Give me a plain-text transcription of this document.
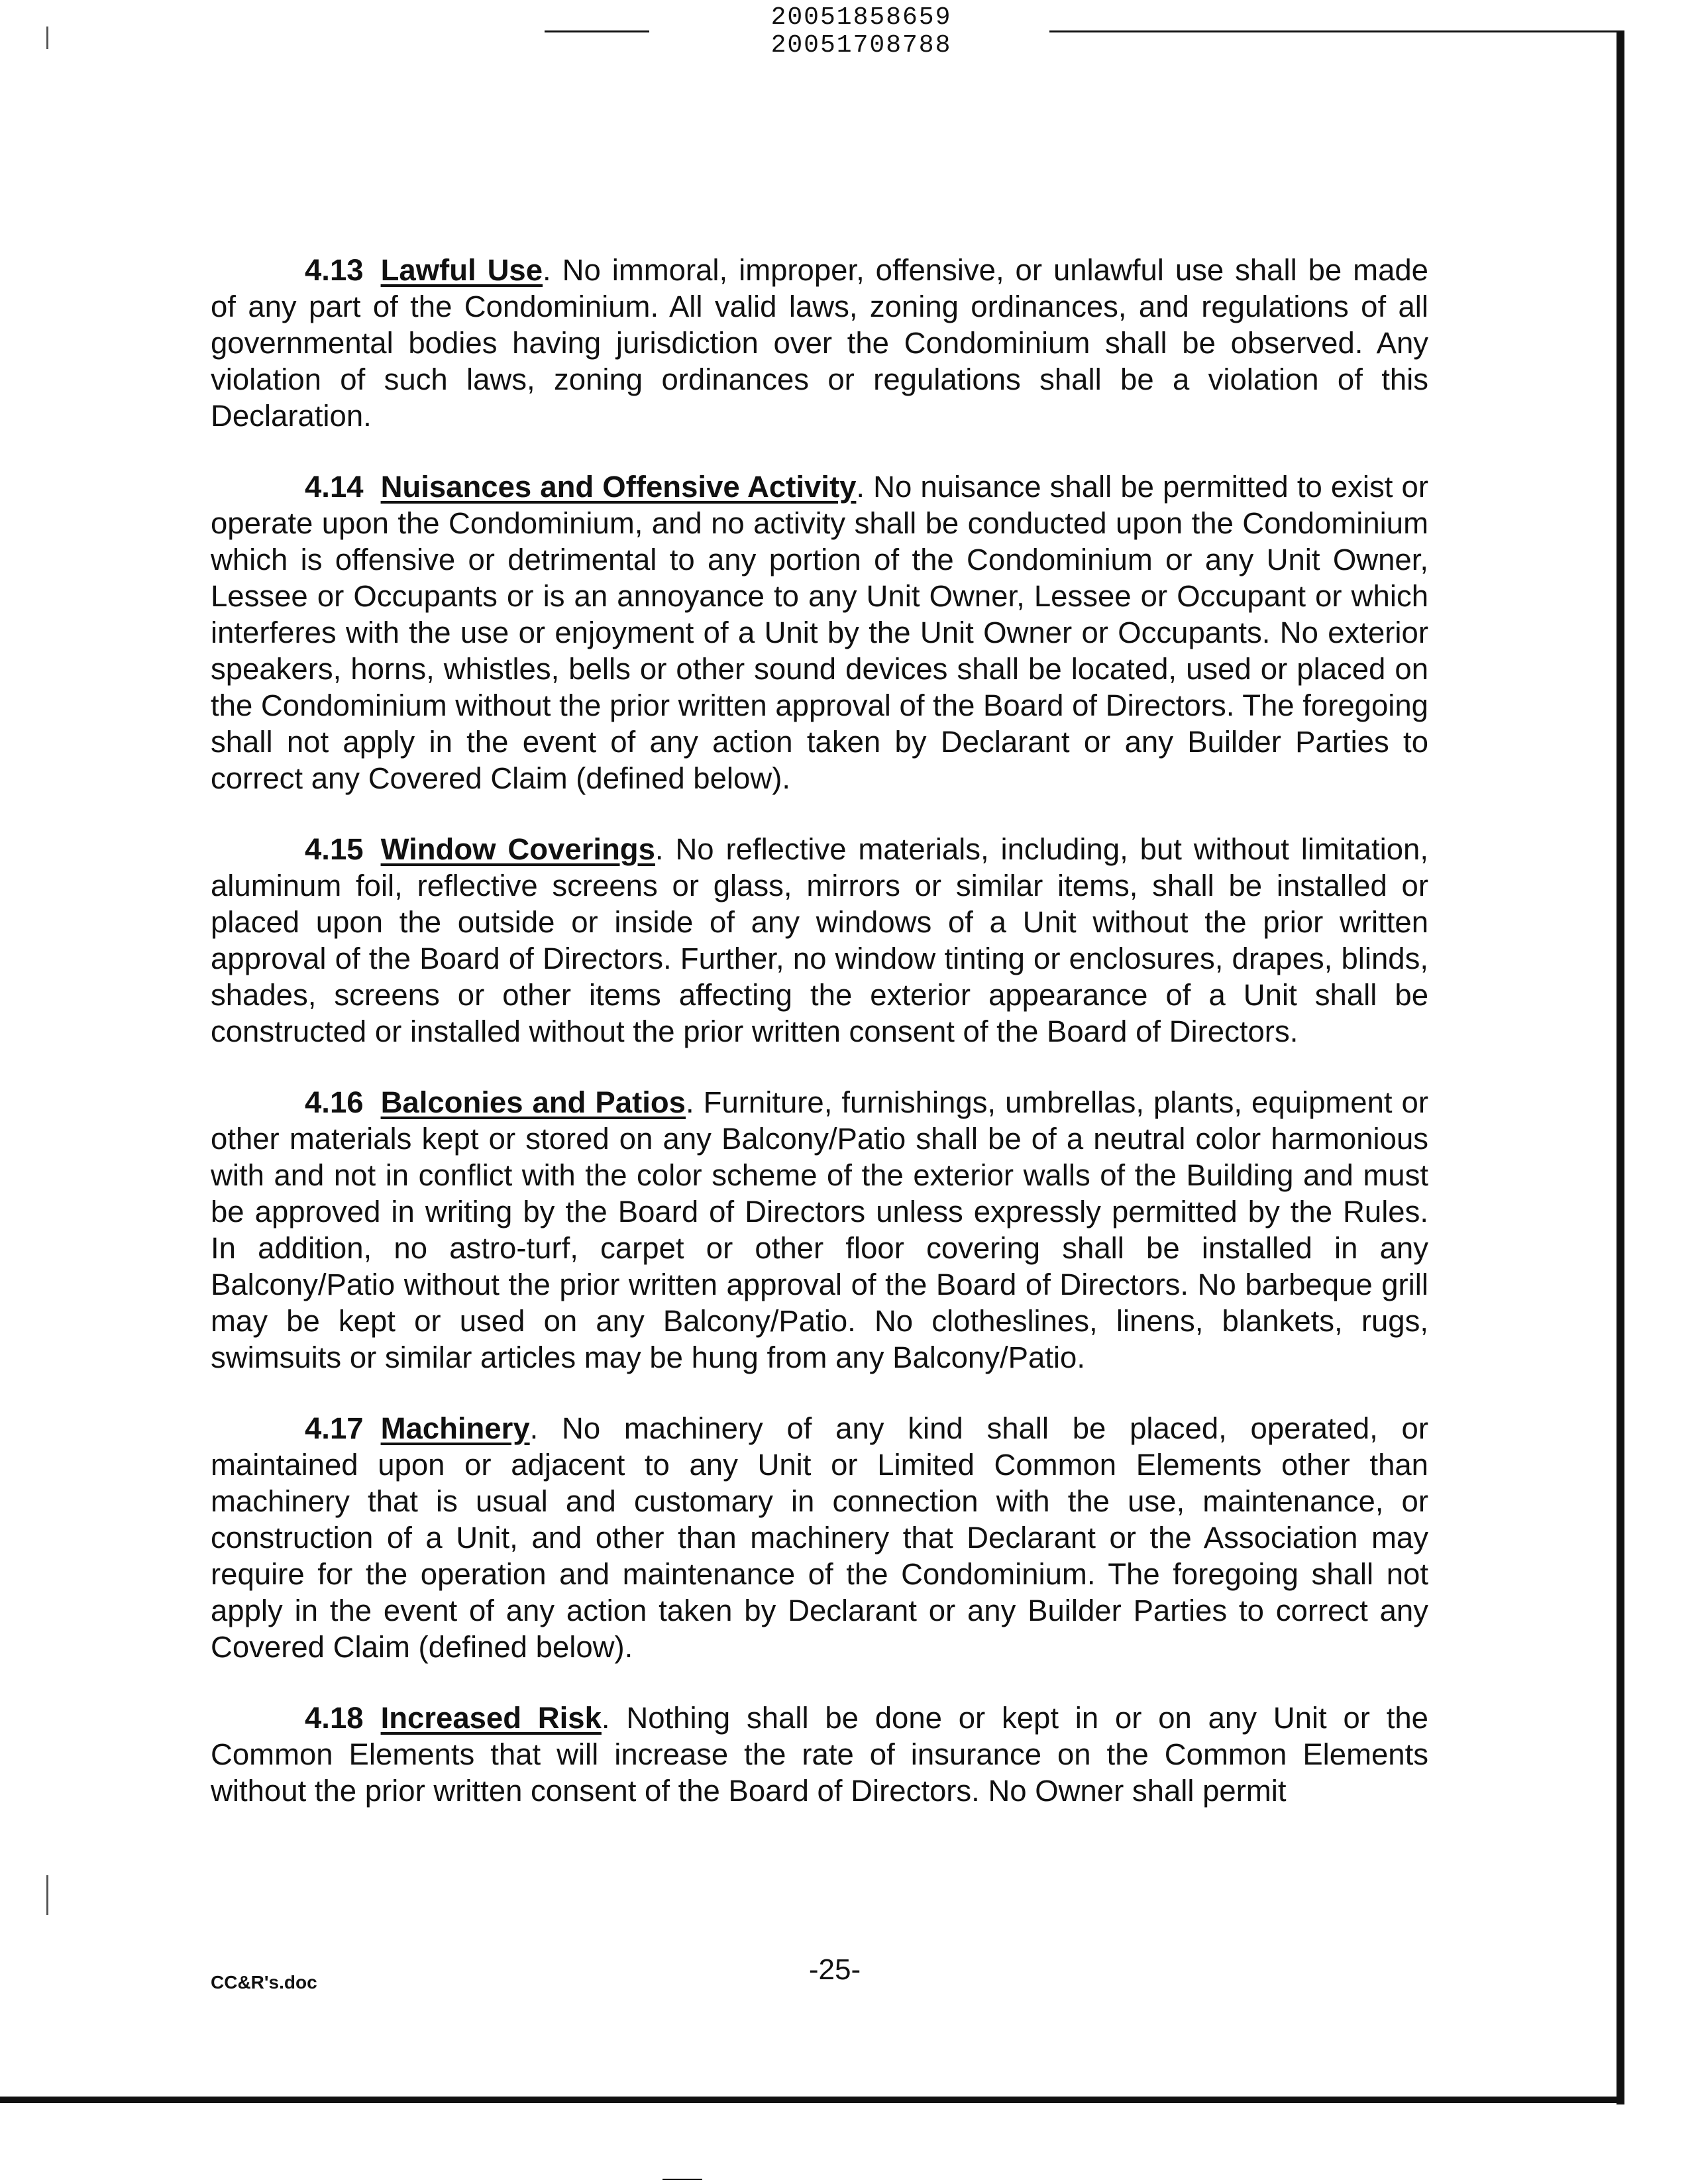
20051858659
20051708788

4.13 Lawful Use. No immoral, improper, offensive, or unlawful use shall be made of any part of the Condominium. All valid laws, zoning ordinances, and regulations of all governmental bodies having jurisdiction over the Condominium shall be observed. Any violation of such laws, zoning ordinances or regulations shall be a violation of this Declaration.

4.14 Nuisances and Offensive Activity. No nuisance shall be permitted to exist or operate upon the Condominium, and no activity shall be conducted upon the Condominium which is offensive or detrimental to any portion of the Condominium or any Unit Owner, Lessee or Occupants or is an annoyance to any Unit Owner, Lessee or Occupant or which interferes with the use or enjoyment of a Unit by the Unit Owner or Occupants. No exterior speakers, horns, whistles, bells or other sound devices shall be located, used or placed on the Condominium without the prior written approval of the Board of Directors. The foregoing shall not apply in the event of any action taken by Declarant or any Builder Parties to correct any Covered Claim (defined below).

4.15 Window Coverings. No reflective materials, including, but without limitation, aluminum foil, reflective screens or glass, mirrors or similar items, shall be installed or placed upon the outside or inside of any windows of a Unit without the prior written approval of the Board of Directors. Further, no window tinting or enclosures, drapes, blinds, shades, screens or other items affecting the exterior appearance of a Unit shall be constructed or installed without the prior written consent of the Board of Directors.

4.16 Balconies and Patios. Furniture, furnishings, umbrellas, plants, equipment or other materials kept or stored on any Balcony/Patio shall be of a neutral color harmonious with and not in conflict with the color scheme of the exterior walls of the Building and must be approved in writing by the Board of Directors unless expressly permitted by the Rules. In addition, no astro-turf, carpet or other floor covering shall be installed in any Balcony/Patio without the prior written approval of the Board of Directors. No barbeque grill may be kept or used on any Balcony/Patio. No clotheslines, linens, blankets, rugs, swimsuits or similar articles may be hung from any Balcony/Patio.

4.17 Machinery. No machinery of any kind shall be placed, operated, or maintained upon or adjacent to any Unit or Limited Common Elements other than machinery that is usual and customary in connection with the use, maintenance, or construction of a Unit, and other than machinery that Declarant or the Association may require for the operation and maintenance of the Condominium. The foregoing shall not apply in the event of any action taken by Declarant or any Builder Parties to correct any Covered Claim (defined below).

4.18 Increased Risk. Nothing shall be done or kept in or on any Unit or the Common Elements that will increase the rate of insurance on the Common Elements without the prior written consent of the Board of Directors. No Owner shall permit

CC&R's.doc	-25-
